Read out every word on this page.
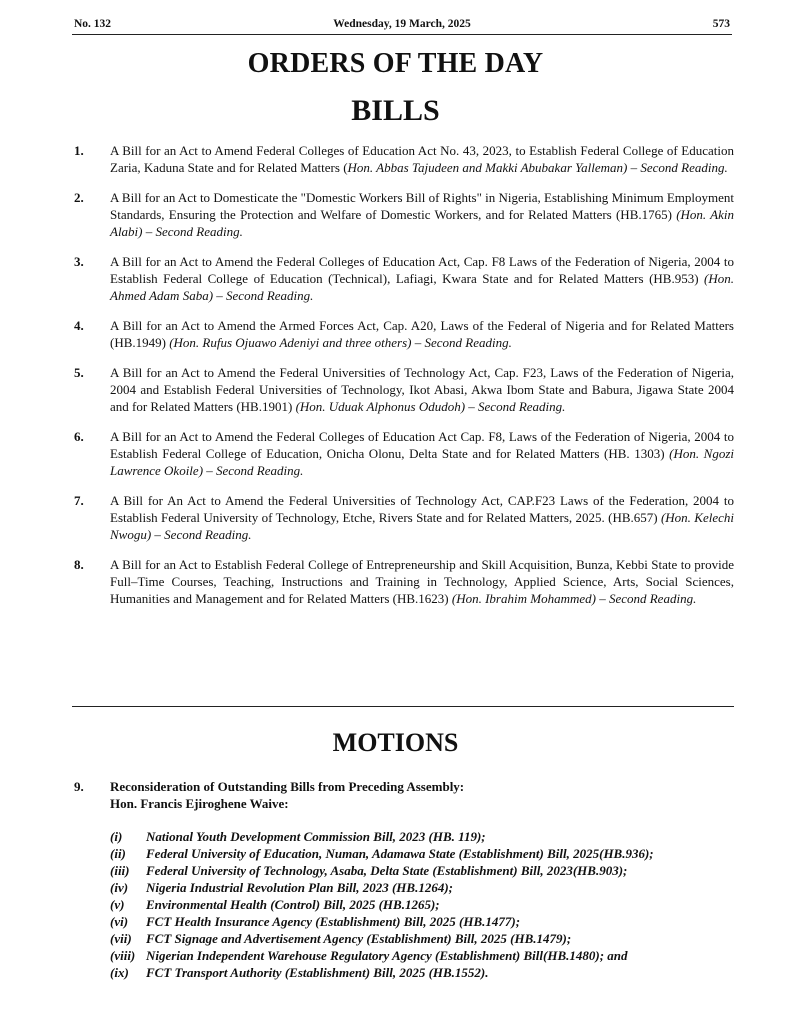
No. 132	Wednesday, 19 March, 2025	573
ORDERS OF THE DAY
BILLS
1. A Bill for an Act to Amend Federal Colleges of Education Act No. 43, 2023, to Establish Federal College of Education Zaria, Kaduna State and for Related Matters (Hon. Abbas Tajudeen and Makki Abubakar Yalleman) – Second Reading.
2. A Bill for an Act to Domesticate the "Domestic Workers Bill of Rights" in Nigeria, Establishing Minimum Employment Standards, Ensuring the Protection and Welfare of Domestic Workers, and for Related Matters (HB.1765) (Hon. Akin Alabi) – Second Reading.
3. A Bill for an Act to Amend the Federal Colleges of Education Act, Cap. F8 Laws of the Federation of Nigeria, 2004 to Establish Federal College of Education (Technical), Lafiagi, Kwara State and for Related Matters (HB.953) (Hon. Ahmed Adam Saba) – Second Reading.
4. A Bill for an Act to Amend the Armed Forces Act, Cap. A20, Laws of the Federal of Nigeria and for Related Matters (HB.1949) (Hon. Rufus Ojuawo Adeniyi and three others) – Second Reading.
5. A Bill for an Act to Amend the Federal Universities of Technology Act, Cap. F23, Laws of the Federation of Nigeria, 2004 and Establish Federal Universities of Technology, Ikot Abasi, Akwa Ibom State and Babura, Jigawa State 2004 and for Related Matters (HB.1901) (Hon. Uduak Alphonus Odudoh) – Second Reading.
6. A Bill for an Act to Amend the Federal Colleges of Education Act Cap. F8, Laws of the Federation of Nigeria, 2004 to Establish Federal College of Education, Onicha Olonu, Delta State and for Related Matters (HB. 1303) (Hon. Ngozi Lawrence Okoile) – Second Reading.
7. A Bill for An Act to Amend the Federal Universities of Technology Act, CAP.F23 Laws of the Federation, 2004 to Establish Federal University of Technology, Etche, Rivers State and for Related Matters, 2025. (HB.657) (Hon. Kelechi Nwogu) – Second Reading.
8. A Bill for an Act to Establish Federal College of Entrepreneurship and Skill Acquisition, Bunza, Kebbi State to provide Full–Time Courses, Teaching, Instructions and Training in Technology, Applied Science, Arts, Social Sciences, Humanities and Management and for Related Matters (HB.1623) (Hon. Ibrahim Mohammed) – Second Reading.
MOTIONS
9.	Reconsideration of Outstanding Bills from Preceding Assembly:
Hon. Francis Ejiroghene Waive:
(i) National Youth Development Commission Bill, 2023 (HB. 119);
(ii) Federal University of Education, Numan, Adamawa State (Establishment) Bill, 2025(HB.936);
(iii) Federal University of Technology, Asaba, Delta State (Establishment) Bill, 2023(HB.903);
(iv) Nigeria Industrial Revolution Plan Bill, 2023 (HB.1264);
(v) Environmental Health (Control) Bill, 2025 (HB.1265);
(vi) FCT Health Insurance Agency (Establishment) Bill, 2025 (HB.1477);
(vii) FCT Signage and Advertisement Agency (Establishment) Bill, 2025 (HB.1479);
(viii) Nigerian Independent Warehouse Regulatory Agency (Establishment) Bill(HB.1480); and
(ix) FCT Transport Authority (Establishment) Bill, 2025 (HB.1552).
